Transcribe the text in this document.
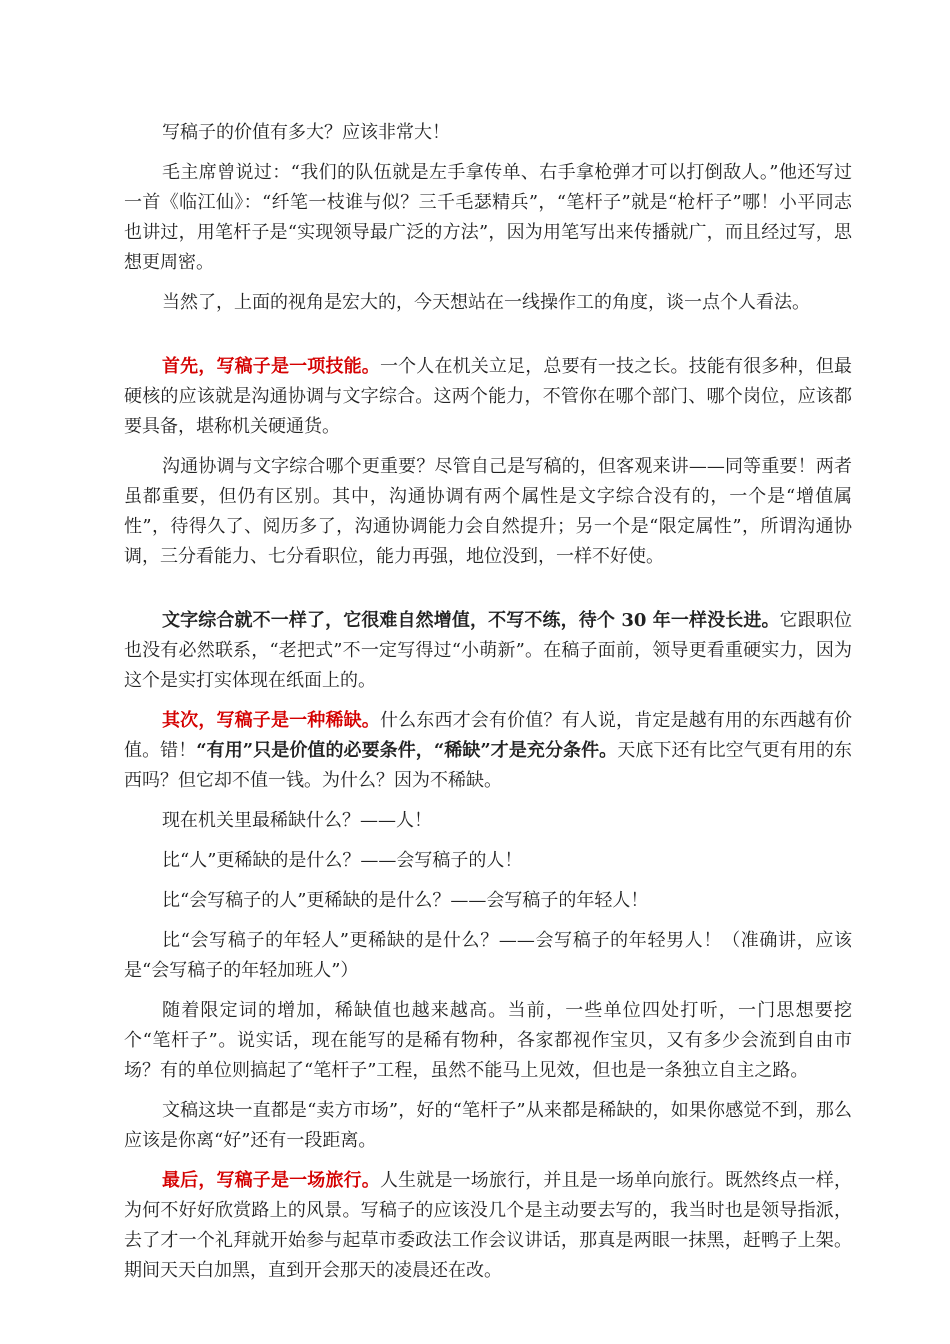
写稿子的价值有多大？应该非常大！

毛主席曾说过：“我们的队伍就是左手拿传单、右手拿枪弹才可以打倒敌人。”他还写过一首《临江仙》：“纤笔一枝谁与似？三千毛瑟精兵”，“笔杆子”就是“枪杆子”哪！小平同志也讲过，用笔杆子是“实现领导最广泛的方法”，因为用笔写出来传播就广，而且经过写，思想更周密。

当然了，上面的视角是宏大的，今天想站在一线操作工的角度，谈一点个人看法。

首先，写稿子是一项技能。一个人在机关立足，总要有一技之长。技能有很多种，但最硬核的应该就是沟通协调与文字综合。这两个能力，不管你在哪个部门、哪个岗位，应该都要具备，堪称机关硬通货。

沟通协调与文字综合哪个更重要？尽管自己是写稿的，但客观来讲——同等重要！两者虽都重要，但仍有区别。其中，沟通协调有两个属性是文字综合没有的，一个是“增值属性”，待得久了、阅历多了，沟通协调能力会自然提升；另一个是“限定属性”，所谓沟通协调，三分看能力、七分看职位，能力再强，地位没到，一样不好使。

文字综合就不一样了，它很难自然增值，不写不练，待个 30 年一样没长进。它跟职位也没有必然联系，“老把式”不一定写得过“小萌新”。在稿子面前，领导更看重硬实力，因为这个是实打实体现在纸面上的。

其次，写稿子是一种稀缺。什么东西才会有价值？有人说，肯定是越有用的东西越有价值。错！“有用”只是价值的必要条件，“稀缺”才是充分条件。天底下还有比空气更有用的东西吗？但它却不值一钱。为什么？因为不稀缺。

现在机关里最稀缺什么？——人！

比“人”更稀缺的是什么？——会写稿子的人！

比“会写稿子的人”更稀缺的是什么？——会写稿子的年轻人！

比“会写稿子的年轻人”更稀缺的是什么？——会写稿子的年轻男人！（准确讲，应该是“会写稿子的年轻加班人”）

随着限定词的增加，稀缺值也越来越高。当前，一些单位四处打听，一门思想要挖个“笔杆子”。说实话，现在能写的是稀有物种，各家都视作宝贝，又有多少会流到自由市场？有的单位则搞起了“笔杆子”工程，虽然不能马上见效，但也是一条独立自主之路。

文稿这块一直都是“卖方市场”，好的“笔杆子”从来都是稀缺的，如果你感觉不到，那么应该是你离“好”还有一段距离。

最后，写稿子是一场旅行。人生就是一场旅行，并且是一场单向旅行。既然终点一样，为何不好好欣赏路上的风景。写稿子的应该没几个是主动要去写的，我当时也是领导指派，去了才一个礼拜就开始参与起草市委政法工作会议讲话，那真是两眼一抹黑，赶鸭子上架。期间天天白加黑，直到开会那天的凌晨还在改。
